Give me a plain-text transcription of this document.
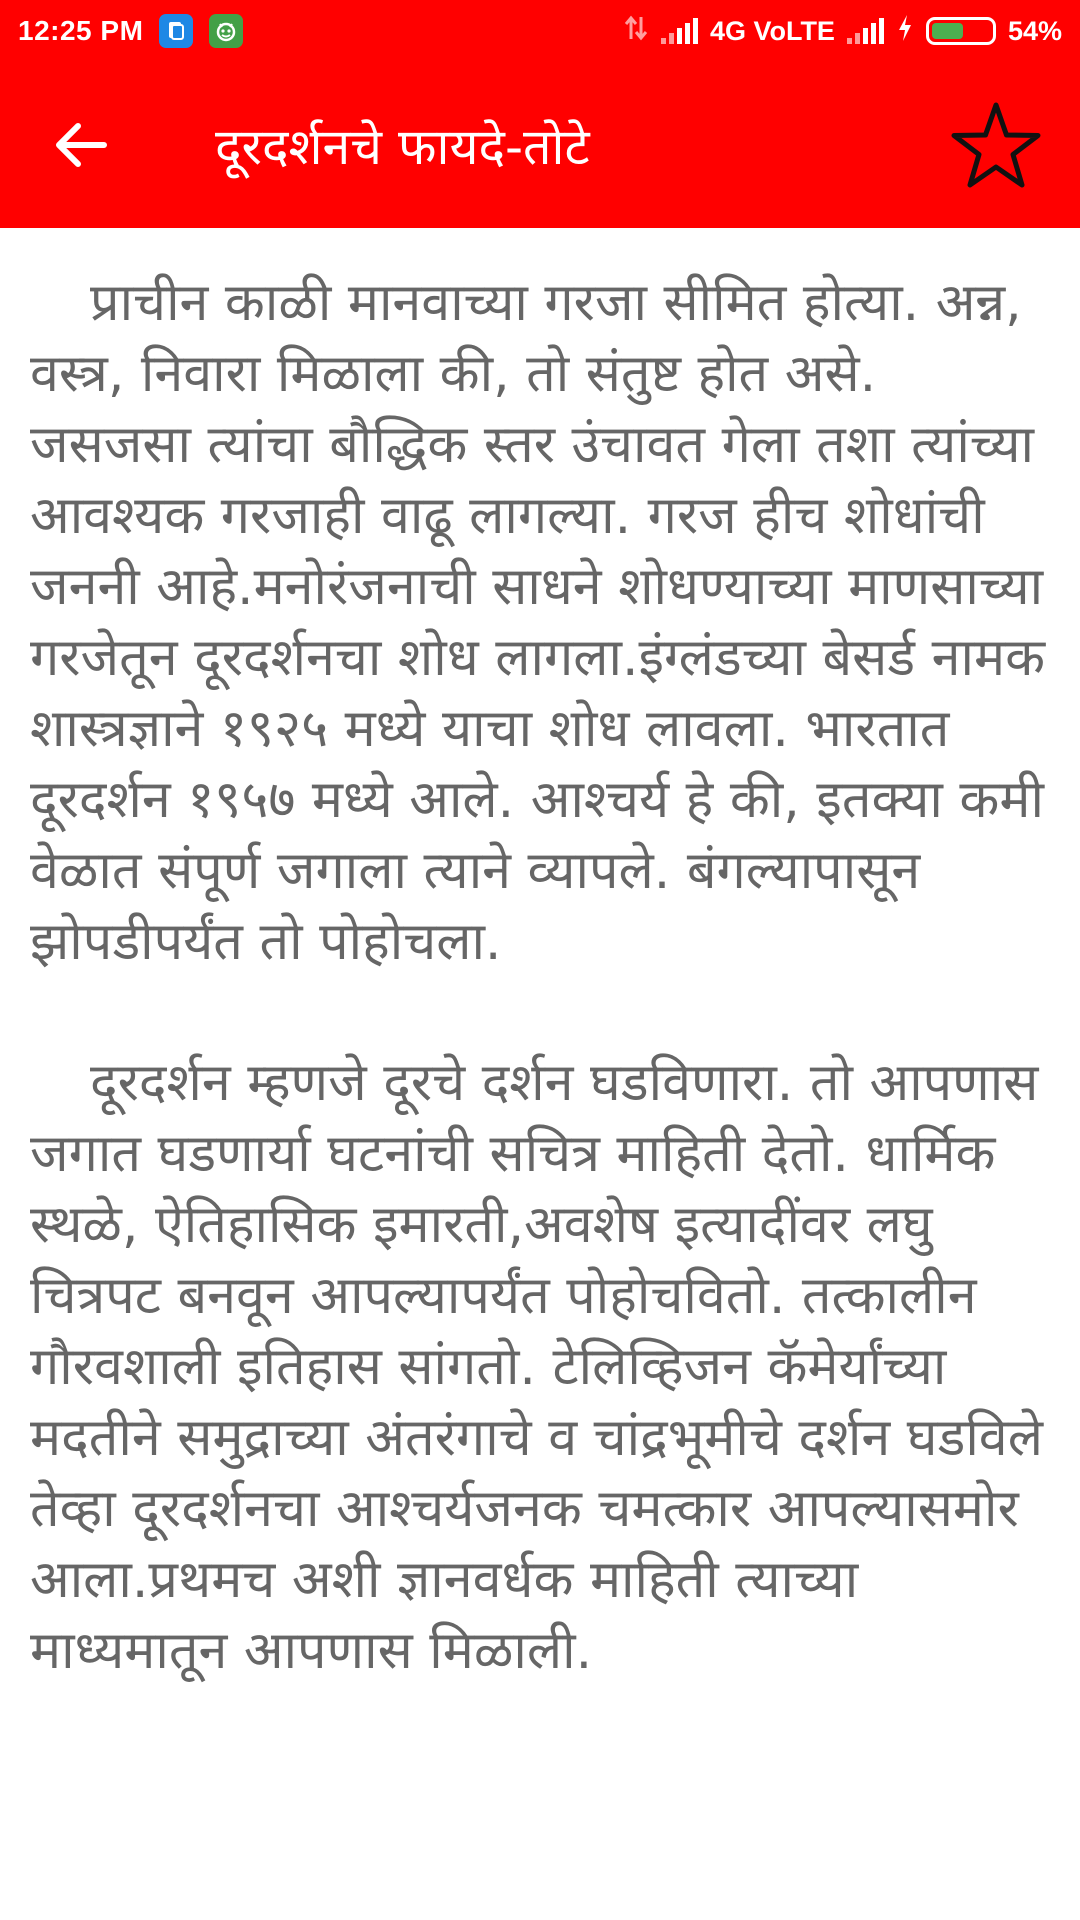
12:25 PM	4G VoLTE	54%
दूरदर्शनचे फायदे-तोटे

प्राचीन काळी मानवाच्या गरजा सीमित होत्या. अन्न, वस्त्र, निवारा मिळाला की, तो संतुष्ट होत असे. जसजसा त्यांचा बौद्धिक स्तर उंचावत गेला तशा त्यांच्या आवश्यक गरजाही वाढू लागल्या. गरज हीच शोधांची जननी आहे.मनोरंजनाची साधने शोधण्याच्या माणसाच्या गरजेतून दूरदर्शनचा शोध लागला.इंग्लंडच्या बेसर्ड नामक शास्त्रज्ञाने १९२५ मध्ये याचा शोध लावला. भारतात दूरदर्शन १९५७ मध्ये आले. आश्चर्य हे की, इतक्या कमी वेळात संपूर्ण जगाला त्याने व्यापले. बंगल्यापासून झोपडीपर्यंत तो पोहोचला.

दूरदर्शन म्हणजे दूरचे दर्शन घडविणारा. तो आपणास जगात घडणार्या घटनांची सचित्र माहिती देतो. धार्मिक स्थळे, ऐतिहासिक इमारती,अवशेष इत्यादींवर लघु चित्रपट बनवून आपल्यापर्यंत पोहोचवितो. तत्कालीन गौरवशाली इतिहास सांगतो. टेलिव्हिजन कॅमेर्यांच्या मदतीने समुद्राच्या अंतरंगाचे व चांद्रभूमीचे दर्शन घडविले तेव्हा दूरदर्शनचा आश्चर्यजनक चमत्कार आपल्यासमोर आला.प्रथमच अशी ज्ञानवर्धक माहिती त्याच्या माध्यमातून आपणास मिळाली.
